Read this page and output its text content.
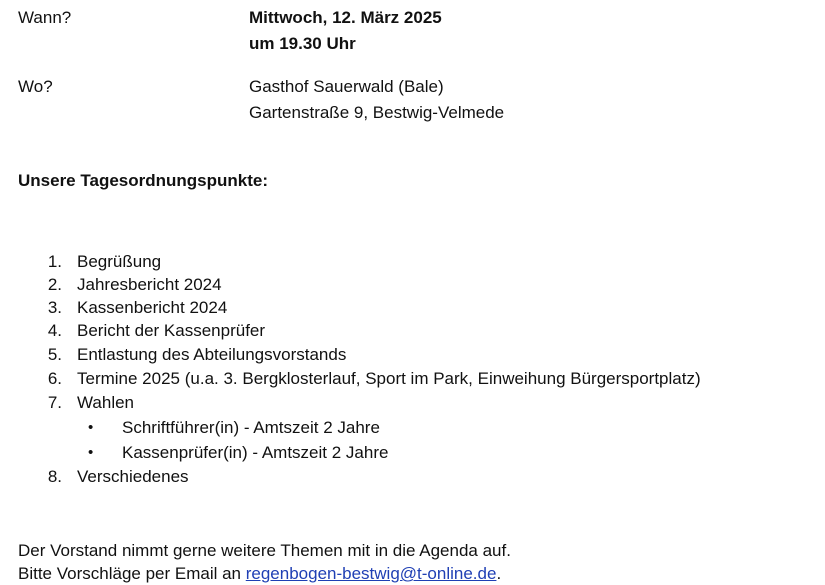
Wann?	Mittwoch, 12. März 2025
um 19.30 Uhr
Wo?	Gasthof Sauerwald (Bale)
Gartenstraße 9, Bestwig-Velmede
Unsere Tagesordnungspunkte:
1. Begrüßung
2. Jahresbericht 2024
3. Kassenbericht 2024
4. Bericht der Kassenprüfer
5. Entlastung des Abteilungsvorstands
6. Termine 2025 (u.a. 3. Bergklosterlauf, Sport im Park, Einweihung Bürgersportplatz)
7. Wahlen
• Schriftführer(in) - Amtszeit 2 Jahre
• Kassenprüfer(in) - Amtszeit 2 Jahre
8. Verschiedenes
Der Vorstand nimmt gerne weitere Themen mit in die Agenda auf.
Bitte Vorschläge per Email an regenbogen-bestwig@t-online.de.
